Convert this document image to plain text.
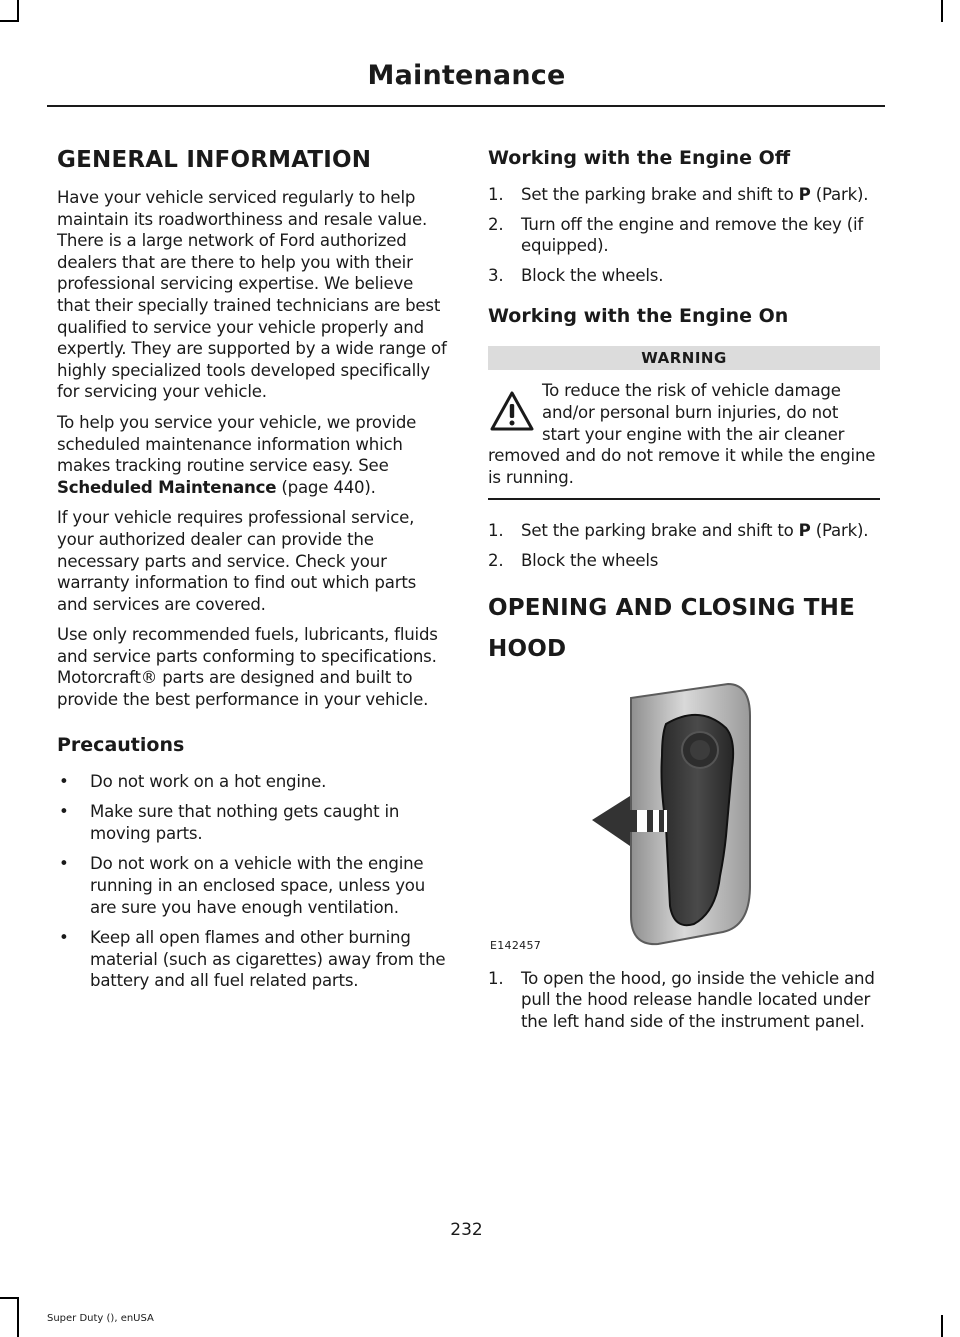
Maintenance
GENERAL INFORMATION

Have your vehicle serviced regularly to help maintain its roadworthiness and resale value. There is a large network of Ford authorized dealers that are there to help you with their professional servicing expertise. We believe that their specially trained technicians are best qualified to service your vehicle properly and expertly. They are supported by a wide range of highly specialized tools developed specifically for servicing your vehicle.

To help you service your vehicle, we provide scheduled maintenance information which makes tracking routine service easy. See Scheduled Maintenance (page 440).

If your vehicle requires professional service, your authorized dealer can provide the necessary parts and service. Check your warranty information to find out which parts and services are covered.

Use only recommended fuels, lubricants, fluids and service parts conforming to specifications. Motorcraft® parts are designed and built to provide the best performance in your vehicle.

Precautions
• Do not work on a hot engine.
• Make sure that nothing gets caught in moving parts.
• Do not work on a vehicle with the engine running in an enclosed space, unless you are sure you have enough ventilation.
• Keep all open flames and other burning material (such as cigarettes) away from the battery and all fuel related parts.
Working with the Engine Off
1. Set the parking brake and shift to P (Park).
2. Turn off the engine and remove the key (if equipped).
3. Block the wheels.
Working with the Engine On
WARNING
To reduce the risk of vehicle damage and/or personal burn injuries, do not start your engine with the air cleaner removed and do not remove it while the engine is running.
1. Set the parking brake and shift to P (Park).
2. Block the wheels
OPENING AND CLOSING THE
HOOD
E142457
1. To open the hood, go inside the vehicle and pull the hood release handle located under the left hand side of the instrument panel.
232
Super Duty (), enUSA
